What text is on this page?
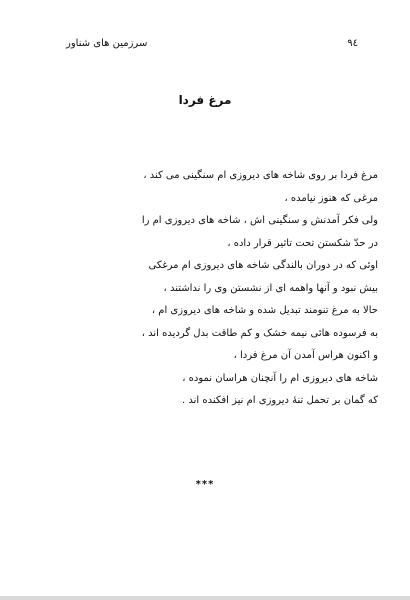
سرزمین های شناور	۹٤
مرغ فردا
مرغ فردا بر روی شاخه های دیروزی ام سنگینی می کند ،
مرغی که هنوز نیامده ،
ولی فکر آمدنش و سنگینی اش ، شاخه های دیروزی ام را
در حدّ شکستن تحت تاثیر قرار داده ،
اوئی که در دوران بالندگی شاخه های دیروزی ام مرغکی
بیش نبود و آنها واهمه ای از نشستن وی را نداشتند ،
حالا به مرغ تنومند تبدیل شده و شاخه های دیروزی ام ،
به فرسوده هائی نیمه خشک و کم طاقت بدل گردیده اند ،
و اکنون هراس آمدن آن مرغ فردا ،
شاخه های دیروزی ام را آنچنان هراسان نموده ،
که گمان بر تحمل تنهٔ دیروزی ام نیز افکنده اند .
***
